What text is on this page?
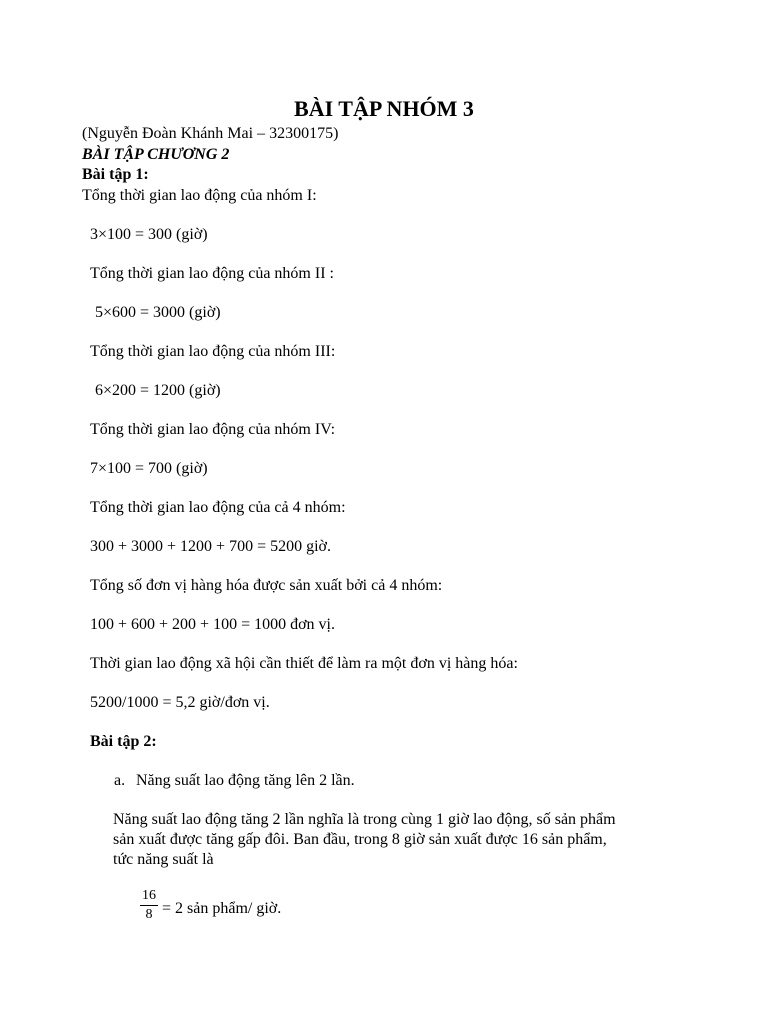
BÀI TẬP NHÓM 3
(Nguyễn Đoàn Khánh Mai – 32300175)
BÀI TẬP CHƯƠNG 2
Bài tập 1:
Tổng thời gian lao động của nhóm I:
3×100 = 300 (giờ)
Tổng thời gian lao động của nhóm II :
5×600 = 3000 (giờ)
Tổng thời gian lao động của nhóm III:
6×200 = 1200 (giờ)
Tổng thời gian lao động của nhóm IV:
7×100 = 700 (giờ)
Tổng thời gian lao động của cả 4 nhóm:
300 + 3000 + 1200 + 700 = 5200 giờ.
Tổng số đơn vị hàng hóa được sản xuất bởi cả 4 nhóm:
100 + 600 + 200 + 100 = 1000 đơn vị.
Thời gian lao động xã hội cần thiết để làm ra một đơn vị hàng hóa:
5200/1000 = 5,2 giờ/đơn vị.
Bài tập 2:
a. Năng suất lao động tăng lên 2 lần.
Năng suất lao động tăng 2 lần nghĩa là trong cùng 1 giờ lao động, số sản phẩm
sản xuất được tăng gấp đôi. Ban đầu, trong 8 giờ sản xuất được 16 sản phẩm,
tức năng suất là
16
8 = 2 sản phẩm/ giờ.
